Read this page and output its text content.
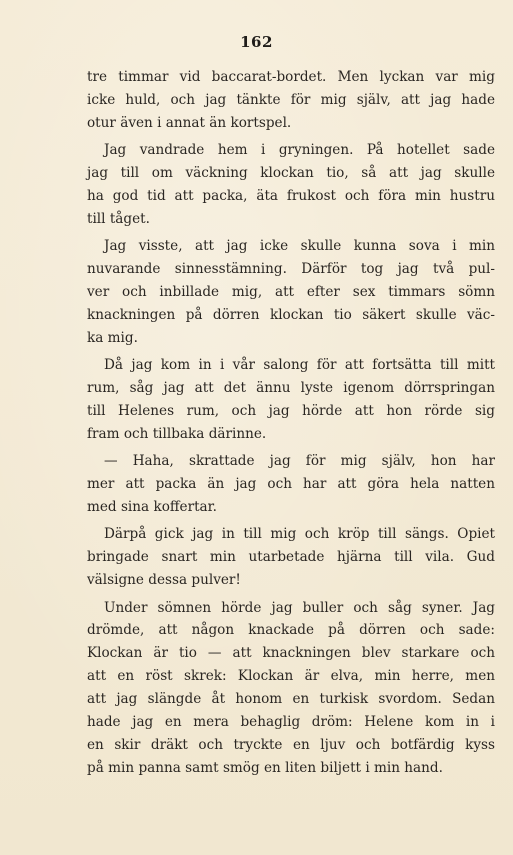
162
tre timmar vid baccarat-bordet. Men lyckan var mig
icke huld, och jag tänkte för mig själv, att jag hade
otur även i annat än kortspel.
Jag vandrade hem i gryningen. På hotellet sade
jag till om väckning klockan tio, så att jag skulle
ha god tid att packa, äta frukost och föra min hustru
till tåget.
Jag visste, att jag icke skulle kunna sova i min
nuvarande sinnesstämning. Därför tog jag två pul-
ver och inbillade mig, att efter sex timmars sömn
knackningen på dörren klockan tio säkert skulle väc-
ka mig.
Då jag kom in i vår salong för att fortsätta till mitt
rum, såg jag att det ännu lyste igenom dörrspringan
till Helenes rum, och jag hörde att hon rörde sig
fram och tillbaka därinne.
— Haha, skrattade jag för mig själv, hon har
mer att packa än jag och har att göra hela natten
med sina koffertar.
Därpå gick jag in till mig och kröp till sängs. Opiet
bringade snart min utarbetade hjärna till vila. Gud
välsigne dessa pulver!
Under sömnen hörde jag buller och såg syner. Jag
drömde, att någon knackade på dörren och sade:
Klockan är tio — att knackningen blev starkare och
att en röst skrek: Klockan är elva, min herre, men
att jag slängde åt honom en turkisk svordom. Sedan
hade jag en mera behaglig dröm: Helene kom in i
en skir dräkt och tryckte en ljuv och botfärdig kyss
på min panna samt smög en liten biljett i min hand.
